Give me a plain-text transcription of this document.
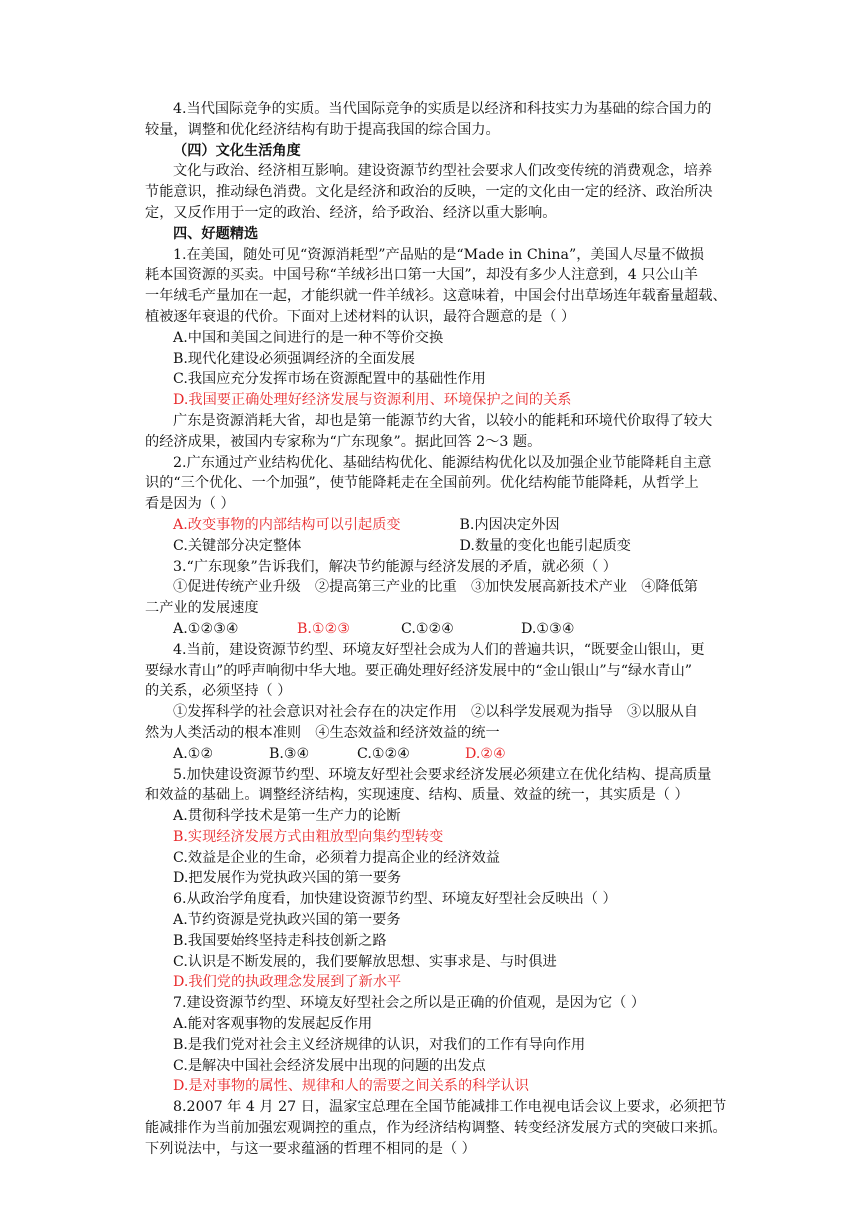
4.当代国际竞争的实质。当代国际竞争的实质是以经济和科技实力为基础的综合国力的
较量，调整和优化经济结构有助于提高我国的综合国力。
（四）文化生活角度
文化与政治、经济相互影响。建设资源节约型社会要求人们改变传统的消费观念，培养
节能意识，推动绿色消费。文化是经济和政治的反映，一定的文化由一定的经济、政治所决
定，又反作用于一定的政治、经济，给予政治、经济以重大影响。
四、好题精选
1.在美国，随处可见“资源消耗型”产品贴的是“Made in China”，美国人尽量不做损
耗本国资源的买卖。中国号称“羊绒衫出口第一大国”，却没有多少人注意到，4 只公山羊
一年绒毛产量加在一起，才能织就一件羊绒衫。这意味着，中国会付出草场连年载畜量超载、
植被逐年衰退的代价。下面对上述材料的认识，最符合题意的是（ ）
A.中国和美国之间进行的是一种不等价交换
B.现代化建设必须强调经济的全面发展
C.我国应充分发挥市场在资源配置中的基础性作用
D.我国要正确处理好经济发展与资源利用、环境保护之间的关系
广东是资源消耗大省，却也是第一能源节约大省，以较小的能耗和环境代价取得了较大
的经济成果，被国内专家称为“广东现象”。据此回答 2～3 题。
2.广东通过产业结构优化、基础结构优化、能源结构优化以及加强企业节能降耗自主意
识的“三个优化、一个加强”，使节能降耗走在全国前列。优化结构能节能降耗，从哲学上
看是因为（ ）
A.改变事物的内部结构可以引起质变	B.内因决定外因
C.关键部分决定整体	D.数量的变化也能引起质变
3.“广东现象”告诉我们，解决节约能源与经济发展的矛盾，就必须（ ）
①促进传统产业升级　②提高第三产业的比重　③加快发展高新技术产业　④降低第
二产业的发展速度
A.①②③④	B.①②③	C.①②④	D.①③④
4.当前，建设资源节约型、环境友好型社会成为人们的普遍共识，“既要金山银山，更
要绿水青山”的呼声响彻中华大地。要正确处理好经济发展中的“金山银山”与“绿水青山”
的关系，必须坚持（ ）
①发挥科学的社会意识对社会存在的决定作用　②以科学发展观为指导　③以服从自
然为人类活动的根本准则　④生态效益和经济效益的统一
A.①②	B.③④	C.①②④	D.②④
5.加快建设资源节约型、环境友好型社会要求经济发展必须建立在优化结构、提高质量
和效益的基础上。调整经济结构，实现速度、结构、质量、效益的统一，其实质是（ ）
A.贯彻科学技术是第一生产力的论断
B.实现经济发展方式由粗放型向集约型转变
C.效益是企业的生命，必须着力提高企业的经济效益
D.把发展作为党执政兴国的第一要务
6.从政治学角度看，加快建设资源节约型、环境友好型社会反映出（ ）
A.节约资源是党执政兴国的第一要务
B.我国要始终坚持走科技创新之路
C.认识是不断发展的，我们要解放思想、实事求是、与时俱进
D.我们党的执政理念发展到了新水平
7.建设资源节约型、环境友好型社会之所以是正确的价值观，是因为它（ ）
A.能对客观事物的发展起反作用
B.是我们党对社会主义经济规律的认识，对我们的工作有导向作用
C.是解决中国社会经济发展中出现的问题的出发点
D.是对事物的属性、规律和人的需要之间关系的科学认识
8.2007 年 4 月 27 日，温家宝总理在全国节能减排工作电视电话会议上要求，必须把节
能减排作为当前加强宏观调控的重点，作为经济结构调整、转变经济发展方式的突破口来抓。
下列说法中，与这一要求蕴涵的哲理不相同的是（ ）
